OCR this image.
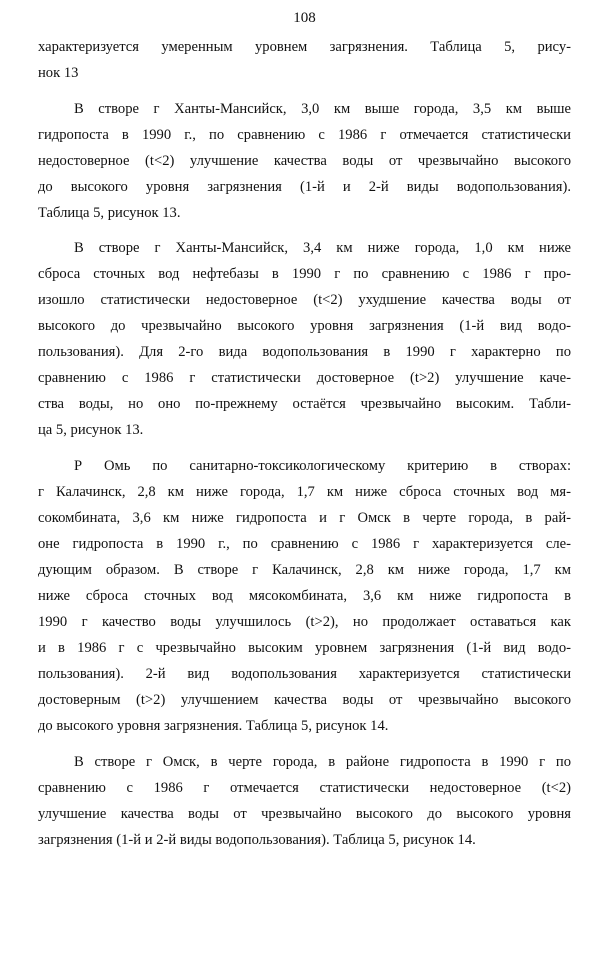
108
характеризуется умеренным уровнем загрязнения. Таблица 5, рису-
нок 13
В створе г Ханты-Мансийск, 3,0 км выше города, 3,5 км выше
гидропоста в 1990 г., по сравнению с 1986 г отмечается статистически
недостоверное (t<2) улучшение качества воды от чрезвычайно высокого
до высокого уровня загрязнения (1-й и 2-й виды водопользования).
Таблица 5, рисунок 13.
В створе г Ханты-Мансийск, 3,4 км ниже города, 1,0 км ниже
сброса сточных вод нефтебазы в 1990 г по сравнению с 1986 г про-
изошло статистически недостоверное (t<2) ухудшение качества воды от
высокого до чрезвычайно высокого уровня загрязнения (1-й вид водо-
пользования). Для 2-го вида водопользования в 1990 г характерно по
сравнению с 1986 г статистически достоверное (t>2) улучшение каче-
ства воды, но оно по-прежнему остаётся чрезвычайно высоким. Табли-
ца 5, рисунок 13.
Р Омь по санитарно-токсикологическому критерию в створах:
г Калачинск, 2,8 км ниже города, 1,7 км ниже сброса сточных вод мя-
сокомбината, 3,6 км ниже гидропоста и г Омск в черте города, в рай-
оне гидропоста в 1990 г., по сравнению с 1986 г характеризуется сле-
дующим образом. В створе г Калачинск, 2,8 км ниже города, 1,7 км
ниже сброса сточных вод мясокомбината, 3,6 км ниже гидропоста в
1990 г качество воды улучшилось (t>2), но продолжает оставаться как
и в 1986 г с чрезвычайно высоким уровнем загрязнения (1-й вид водо-
пользования). 2-й вид водопользования характеризуется статистически
достоверным (t>2) улучшением качества воды от чрезвычайно высокого
до высокого уровня загрязнения. Таблица 5, рисунок 14.
В створе г Омск, в черте города, в районе гидропоста в 1990 г по
сравнению с 1986 г отмечается статистически недостоверное (t<2)
улучшение качества воды от чрезвычайно высокого до высокого уровня
загрязнения (1-й и 2-й виды водопользования). Таблица 5, рисунок 14.
